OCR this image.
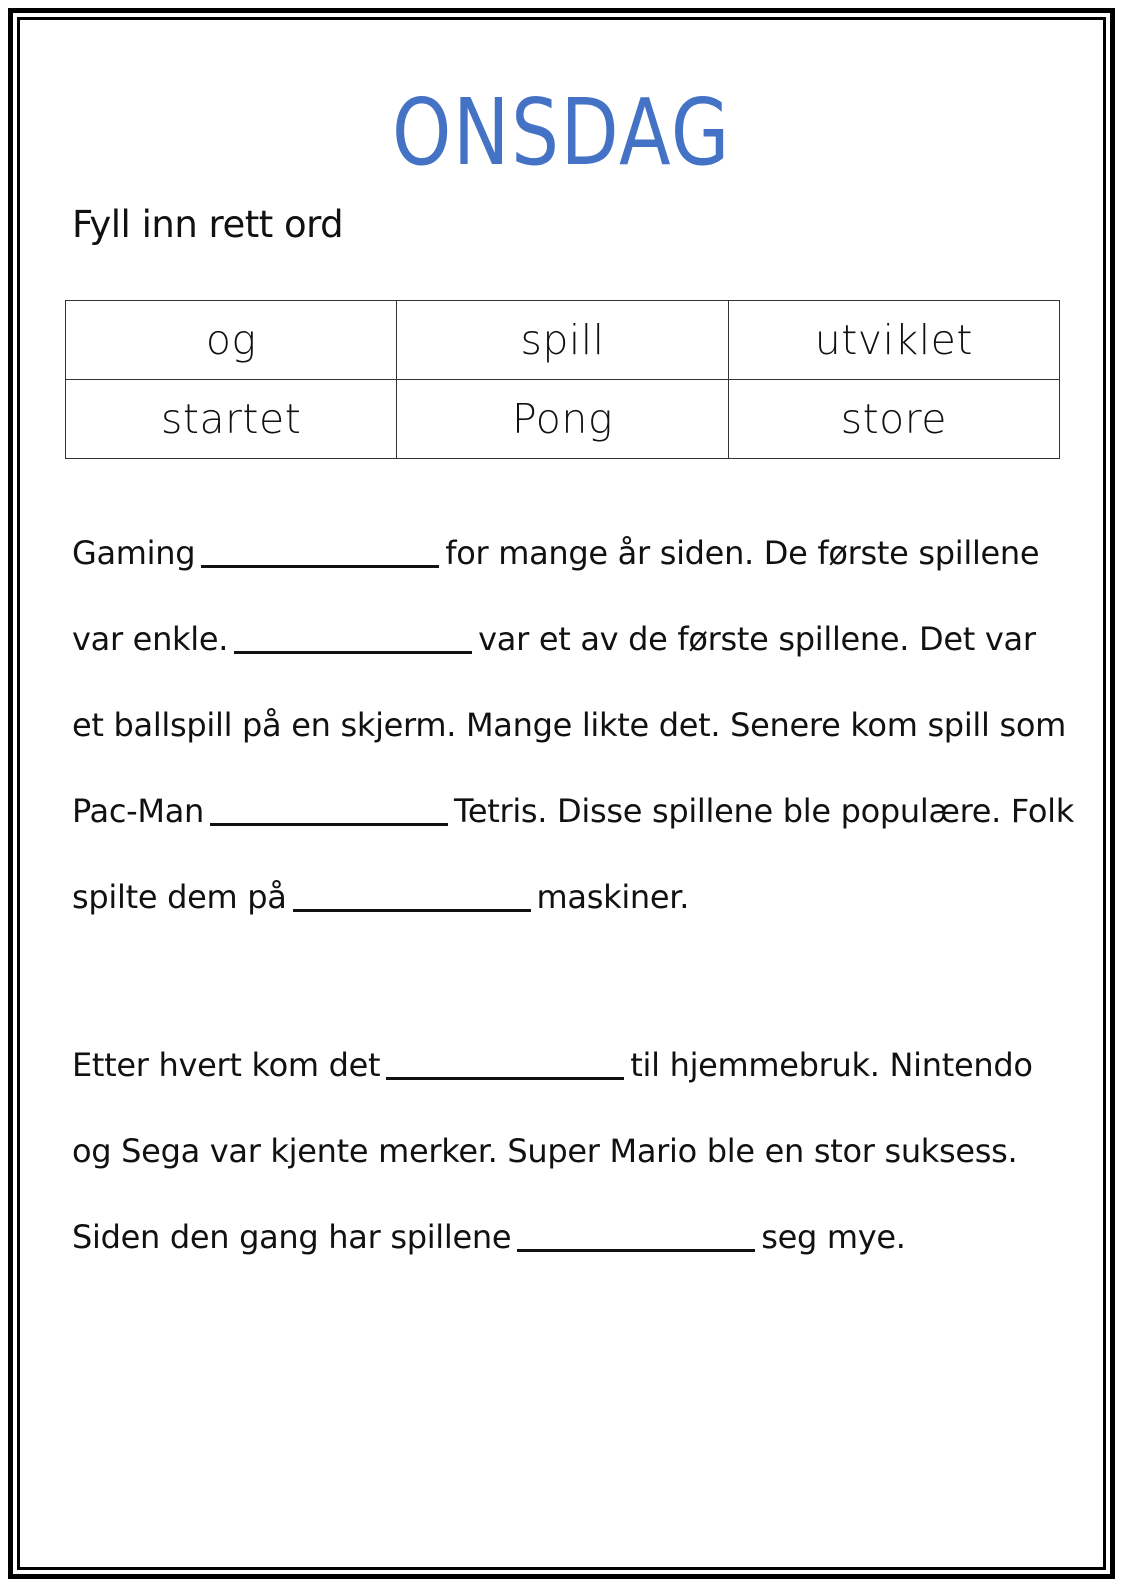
ONSDAG
Fyll inn rett ord
og	spill	utviklet
startet	Pong	store
Gaming	for mange år siden. De første spillene
var enkle.	var et av de første spillene. Det var
et ballspill på en skjerm. Mange likte det. Senere kom spill som
Pac-Man	Tetris. Disse spillene ble populære. Folk
spilte dem på	maskiner.
Etter hvert kom det	til hjemmebruk. Nintendo
og Sega var kjente merker. Super Mario ble en stor suksess.
Siden den gang har spillene	seg mye.
